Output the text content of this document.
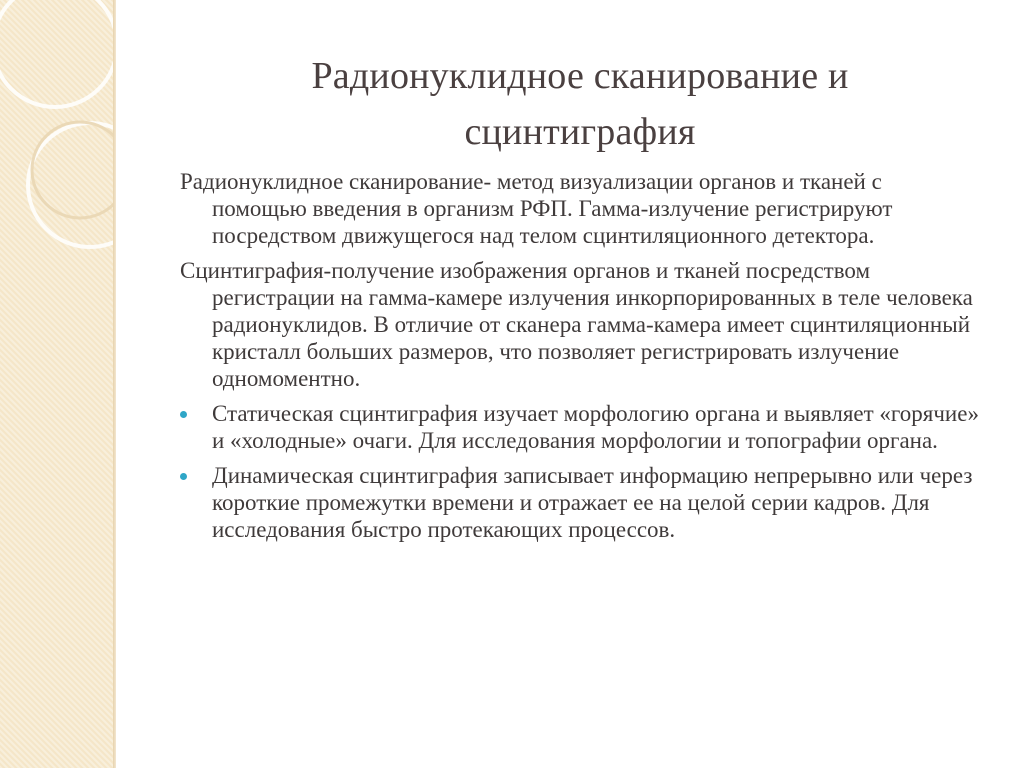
Радионуклидное сканирование и
сцинтиграфия

Радионуклидное сканирование- метод визуализации органов и тканей с помощью введения в организм РФП. Гамма-излучение регистрируют посредством движущегося над телом сцинтиляционного детектора.

Сцинтиграфия-получение изображения органов и тканей посредством регистрации на гамма-камере излучения инкорпорированных в теле человека радионуклидов. В отличие от сканера гамма-камера имеет сцинтиляционный кристалл больших размеров, что позволяет регистрировать излучение одномоментно.

Статическая сцинтиграфия изучает морфологию органа и выявляет «горячие» и «холодные» очаги. Для исследования морфологии и топографии органа.
Динамическая сцинтиграфия записывает информацию непрерывно или через короткие промежутки времени и отражает ее на целой серии кадров. Для исследования быстро протекающих процессов.
